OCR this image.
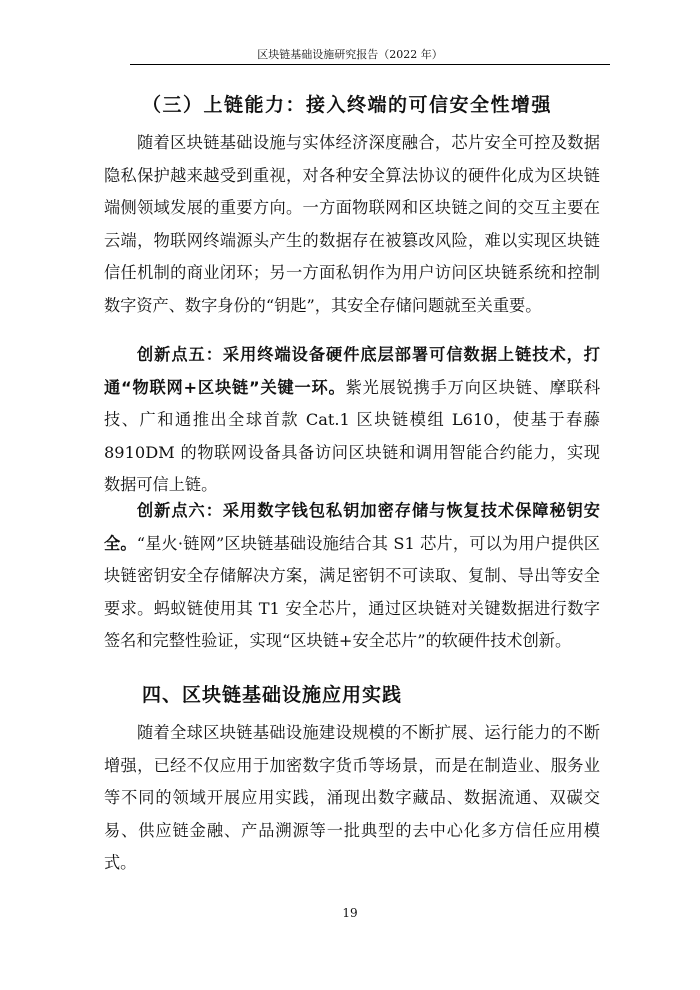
区块链基础设施研究报告（2022 年）
（三）上链能力：接入终端的可信安全性增强

随着区块链基础设施与实体经济深度融合，芯片安全可控及数据隐私保护越来越受到重视，对各种安全算法协议的硬件化成为区块链端侧领域发展的重要方向。一方面物联网和区块链之间的交互主要在云端，物联网终端源头产生的数据存在被篡改风险，难以实现区块链信任机制的商业闭环；另一方面私钥作为用户访问区块链系统和控制数字资产、数字身份的“钥匙”，其安全存储问题就至关重要。

创新点五：采用终端设备硬件底层部署可信数据上链技术，打通“物联网+区块链”关键一环。紫光展锐携手万向区块链、摩联科技、广和通推出全球首款 Cat.1 区块链模组 L610，使基于春藤 8910DM 的物联网设备具备访问区块链和调用智能合约能力，实现数据可信上链。

创新点六：采用数字钱包私钥加密存储与恢复技术保障秘钥安全。“星火·链网”区块链基础设施结合其 S1 芯片，可以为用户提供区块链密钥安全存储解决方案，满足密钥不可读取、复制、导出等安全要求。蚂蚁链使用其 T1 安全芯片，通过区块链对关键数据进行数字签名和完整性验证，实现“区块链+安全芯片”的软硬件技术创新。

四、区块链基础设施应用实践

随着全球区块链基础设施建设规模的不断扩展、运行能力的不断增强，已经不仅应用于加密数字货币等场景，而是在制造业、服务业等不同的领域开展应用实践，涌现出数字藏品、数据流通、双碳交易、供应链金融、产品溯源等一批典型的去中心化多方信任应用模式。

19
